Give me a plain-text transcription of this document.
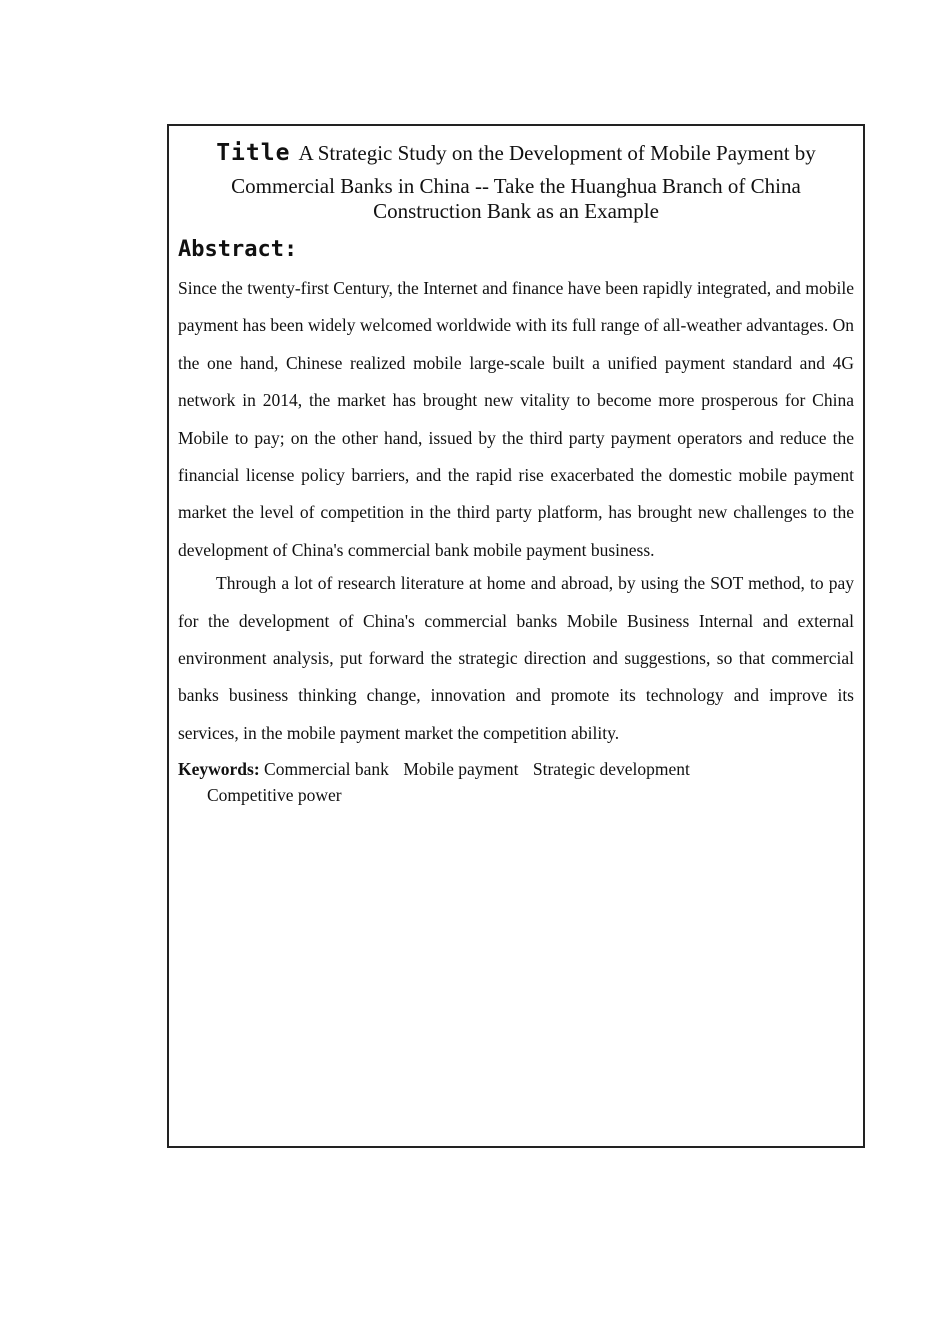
Title A Strategic Study on the Development of Mobile Payment by
Commercial Banks in China -- Take the Huanghua Branch of China
Construction Bank as an Example
Abstract:

Since the twenty-first Century, the Internet and finance have been rapidly integrated, and mobile payment has been widely welcomed worldwide with its full range of all-weather advantages. On the one hand, Chinese realized mobile large-scale built a unified payment standard and 4G network in 2014, the market has brought new vitality to become more prosperous for China Mobile to pay; on the other hand, issued by the third party payment operators and reduce the financial license policy barriers, and the rapid rise exacerbated the domestic mobile payment market the level of competition in the third party platform, has brought new challenges to the development of China's commercial bank mobile payment business.

Through a lot of research literature at home and abroad, by using the SOT method, to pay for the development of China's commercial banks Mobile Business Internal and external environment analysis, put forward the strategic direction and suggestions, so that commercial banks business thinking change, innovation and promote its technology and improve its services, in the mobile payment market the competition ability.

Keywords: Commercial bank Mobile payment Strategic development
Competitive power
